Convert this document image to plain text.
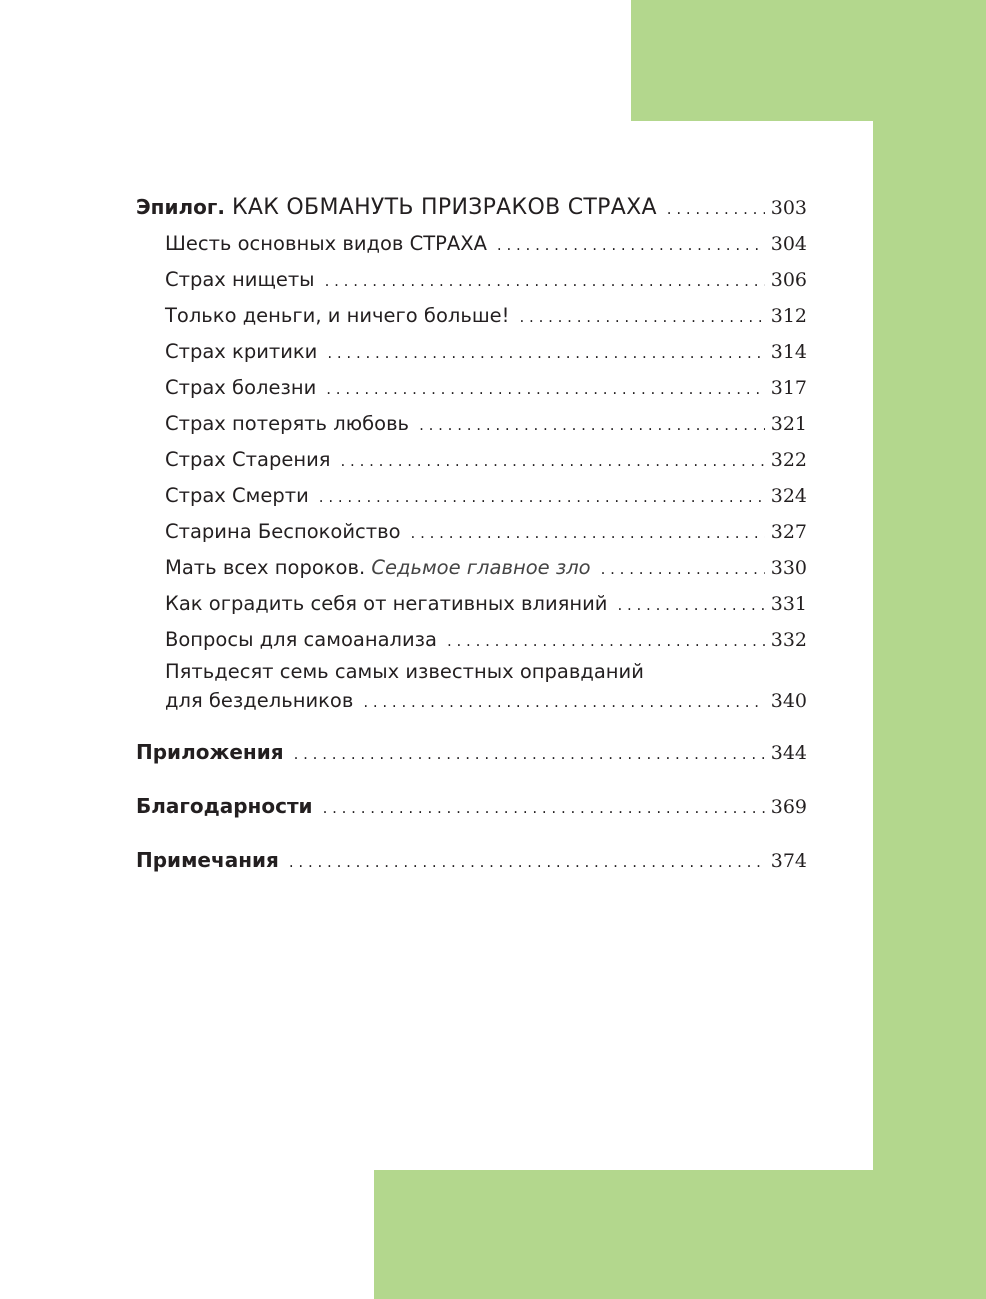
Эпилог. КАК ОБМАНУТЬ ПРИЗРАКОВ СТРАХА . . .	303
Шесть основных видов СТРАХА . . .	304
Страх нищеты . . .	306
Только деньги, и ничего больше! . . .	312
Страх критики . . .	314
Страх болезни . . .	317
Страх потерять любовь . . .	321
Страх Старения . . .	322
Страх Смерти . . .	324
Старина Беспокойство . . .	327
Мать всех пороков. Седьмое главное зло . . .	330
Как оградить себя от негативных влияний . . .	331
Вопросы для самоанализа . . .	332
Пятьдесят семь самых известных оправданий
для бездельников . . .	340
Приложения . . .	344
Благодарности . . .	369
Примечания . . .	374
